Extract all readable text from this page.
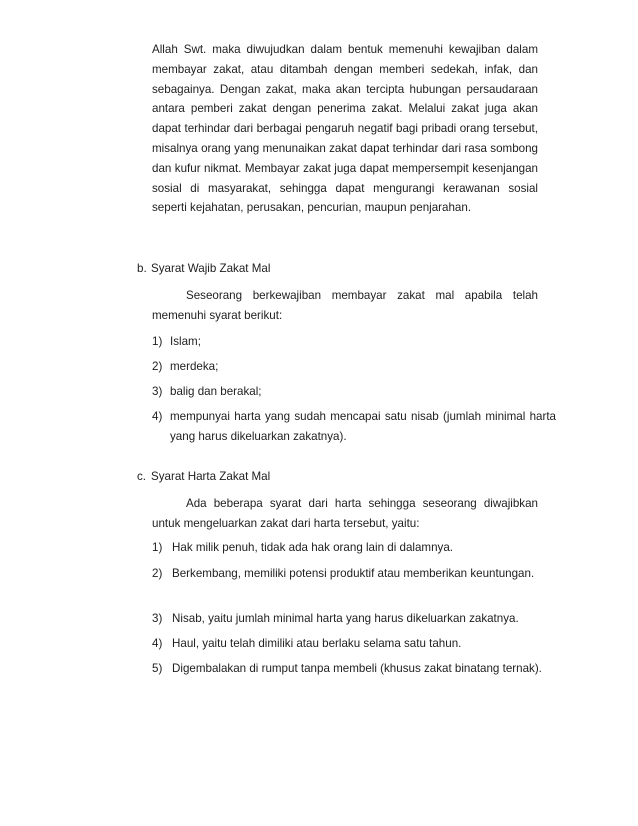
Allah Swt. maka diwujudkan dalam bentuk memenuhi kewajiban dalam membayar zakat, atau ditambah dengan memberi sedekah, infak, dan sebagainya. Dengan zakat, maka akan tercipta hubungan persaudaraan antara pemberi zakat dengan penerima zakat. Melalui zakat juga akan dapat terhindar dari berbagai pengaruh negatif bagi pribadi orang tersebut, misalnya orang yang menunaikan zakat dapat terhindar dari rasa sombong dan kufur nikmat. Membayar zakat juga dapat mempersempit kesenjangan sosial di masyarakat, sehingga dapat mengurangi kerawanan sosial seperti kejahatan, perusakan, pencurian, maupun penjarahan.

b. Syarat Wajib Zakat Mal

Seseorang berkewajiban membayar zakat mal apabila telah memenuhi syarat berikut:

1) Islam;
2) merdeka;
3) balig dan berakal;
4) mempunyai harta yang sudah mencapai satu nisab (jumlah minimal harta yang harus dikeluarkan zakatnya).
c. Syarat Harta Zakat Mal

Ada beberapa syarat dari harta sehingga seseorang diwajibkan untuk mengeluarkan zakat dari harta tersebut, yaitu:

1) Hak milik penuh, tidak ada hak orang lain di dalamnya.
2) Berkembang, memiliki potensi produktif atau memberikan keuntungan.
3) Nisab, yaitu jumlah minimal harta yang harus dikeluarkan zakatnya.
4) Haul, yaitu telah dimiliki atau berlaku selama satu tahun.
5) Digembalakan di rumput tanpa membeli (khusus zakat binatang ternak).
